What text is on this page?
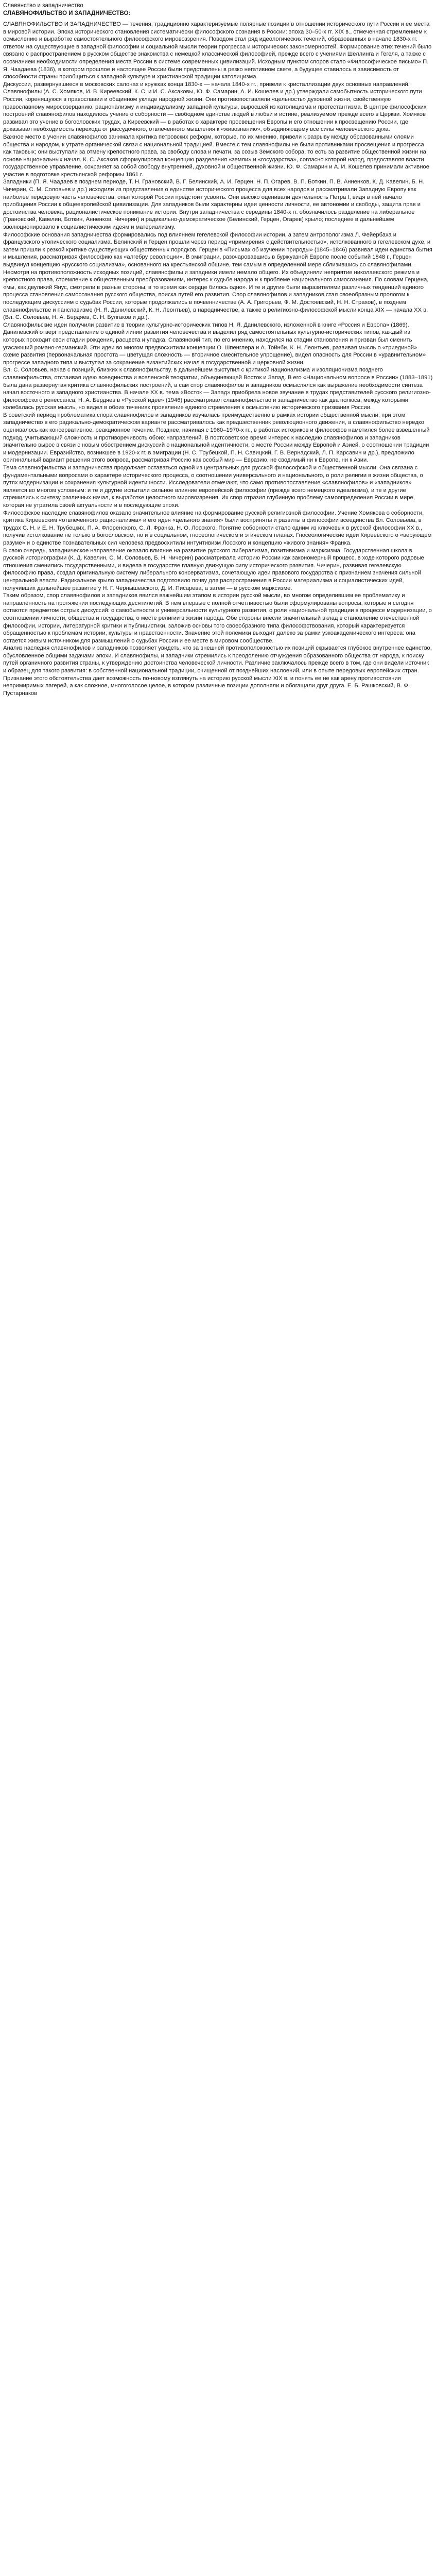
Славянство и западничество
СЛАВЯНОФИЛЬСТВО И ЗАПАДНИЧЕСТВО:

СЛАВЯНОФИЛЬСТВО И ЗАПАДНИЧЕСТВО — течения, традиционно характеризуемые полярные позиции в отношении исторического пути России и ее места в мировой истории. Эпоха исторического становления систематически философского сознания в России: эпоха 30–50-х гг. XIX в., отмеченная стремлением к осмыслению и выработке самостоятельного философского мировоззрения. Поводом стал ряд идеологических течений, образованных в начале 1830-х гг. ответом на существующие в западной философии и социальной мысли теории прогресса и исторических закономерностей. Формирование этих течений было связано с распространением в русском обществе знакомства с немецкой классической философией, прежде всего с учениями Шеллинга и Гегеля, а также с осознанием необходимости определения места России в системе современных цивилизаций. Исходным пунктом споров стало «Философическое письмо» П. Я. Чаадаева (1836), в котором прошлое и настоящее России были представлены в резко негативном свете, а будущее ставилось в зависимость от способности страны приобщиться к западной культуре и христианской традиции католицизма.

Дискуссии, развернувшиеся в московских салонах и кружках конца 1830-х — начала 1840-х гг., привели к кристаллизации двух основных направлений. Славянофилы (А. С. Хомяков, И. В. Киреевский, К. С. и И. С. Аксаковы, Ю. Ф. Самарин, А. И. Кошелев и др.) утверждали самобытность исторического пути России, коренящуюся в православии и общинном укладе народной жизни. Они противопоставляли «цельность» духовной жизни, свойственную православному миросозерцанию, рационализму и индивидуализму западной культуры, выросшей из католицизма и протестантизма. В центре философских построений славянофилов находилось учение о соборности — свободном единстве людей в любви и истине, реализуемом прежде всего в Церкви. Хомяков развивал это учение в богословских трудах, а Киреевский — в работах о характере просвещения Европы и его отношении к просвещению России, где доказывал необходимость перехода от рассудочного, отвлеченного мышления к «живознанию», объединяющему все силы человеческого духа.

Важное место в учении славянофилов занимала критика петровских реформ, которые, по их мнению, привели к разрыву между образованными слоями общества и народом, к утрате органической связи с национальной традицией. Вместе с тем славянофилы не были противниками просвещения и прогресса как таковых; они выступали за отмену крепостного права, за свободу слова и печати, за созыв Земского собора, то есть за развитие общественной жизни на основе национальных начал. К. С. Аксаков сформулировал концепцию разделения «земли» и «государства», согласно которой народ, предоставляя власти государственное управление, сохраняет за собой свободу внутренней, духовной и общественной жизни. Ю. Ф. Самарин и А. И. Кошелев принимали активное участие в подготовке крестьянской реформы 1861 г.

Западники (П. Я. Чаадаев в позднем периоде, Т. Н. Грановский, В. Г. Белинский, А. И. Герцен, Н. П. Огарев, В. П. Боткин, П. В. Анненков, К. Д. Кавелин, Б. Н. Чичерин, С. М. Соловьев и др.) исходили из представления о единстве исторического процесса для всех народов и рассматривали Западную Европу как наиболее передовую часть человечества, опыт которой России предстоит усвоить. Они высоко оценивали деятельность Петра I, видя в ней начало приобщения России к общеевропейской цивилизации. Для западников были характерны идеи ценности личности, ее автономии и свободы, защита прав и достоинства человека, рационалистическое понимание истории. Внутри западничества с середины 1840-х гг. обозначилось разделение на либеральное (Грановский, Кавелин, Боткин, Анненков, Чичерин) и радикально-демократическое (Белинский, Герцен, Огарев) крыло; последнее в дальнейшем эволюционировало к социалистическим идеям и материализму.

Философские основания западничества формировались под влиянием гегелевской философии истории, а затем антропологизма Л. Фейербаха и французского утопического социализма. Белинский и Герцен прошли через период «примирения с действительностью», истолкованного в гегелевском духе, и затем пришли к резкой критике существующих общественных порядков. Герцен в «Письмах об изучении природы» (1845–1846) развивал идеи единства бытия и мышления, рассматривая философию как «алгебру революции». В эмиграции, разочаровавшись в буржуазной Европе после событий 1848 г., Герцен выдвинул концепцию «русского социализма», основанного на крестьянской общине, тем самым в определенной мере сблизившись со славянофилами.

Несмотря на противоположность исходных позиций, славянофилы и западники имели немало общего. Их объединяли неприятие николаевского режима и крепостного права, стремление к общественным преобразованиям, интерес к судьбе народа и к проблеме национального самосознания. По словам Герцена, «мы, как двуликий Янус, смотрели в разные стороны, в то время как сердце билось одно». И те и другие были выразителями различных тенденций единого процесса становления самосознания русского общества, поиска путей его развития. Спор славянофилов и западников стал своеобразным прологом к последующим дискуссиям о судьбах России, которые продолжались в почвенничестве (А. А. Григорьев, Ф. М. Достоевский, Н. Н. Страхов), в позднем славянофильстве и панславизме (Н. Я. Данилевский, К. Н. Леонтьев), в народничестве, а также в религиозно-философской мысли конца XIX — начала XX в. (Вл. С. Соловьев, Н. А. Бердяев, С. Н. Булгаков и др.).

Славянофильские идеи получили развитие в теории культурно-исторических типов Н. Я. Данилевского, изложенной в книге «Россия и Европа» (1869). Данилевский отверг представление о единой линии развития человечества и выделил ряд самостоятельных культурно-исторических типов, каждый из которых проходит свои стадии рождения, расцвета и упадка. Славянский тип, по его мнению, находился на стадии становления и призван был сменить угасающий романо-германский. Эти идеи во многом предвосхитили концепции О. Шпенглера и А. Тойнби. К. Н. Леонтьев, развивая мысль о «триединой» схеме развития (первоначальная простота — цветущая сложность — вторичное смесительное упрощение), видел опасность для России в «уравнительном» прогрессе западного типа и выступал за сохранение византийских начал в государственной и церковной жизни.

Вл. С. Соловьев, начав с позиций, близких к славянофильству, в дальнейшем выступил с критикой национализма и изоляционизма позднего славянофильства, отстаивая идею всеединства и вселенской теократии, объединяющей Восток и Запад. В его «Национальном вопросе в России» (1883–1891) была дана развернутая критика славянофильских построений, а сам спор славянофилов и западников осмыслялся как выражение необходимости синтеза начал восточного и западного христианства. В начале XX в. тема «Восток — Запад» приобрела новое звучание в трудах представителей русского религиозно-философского ренессанса; Н. А. Бердяев в «Русской идее» (1946) рассматривал славянофильство и западничество как два полюса, между которыми колебалась русская мысль, но видел в обоих течениях проявление единого стремления к осмыслению исторического призвания России.

В советский период проблематика спора славянофилов и западников изучалась преимущественно в рамках истории общественной мысли; при этом западничество в его радикально-демократическом варианте рассматривалось как предшественник революционного движения, а славянофильство нередко оценивалось как консервативное, реакционное течение. Позднее, начиная с 1960–1970-х гг., в работах историков и философов наметился более взвешенный подход, учитывающий сложность и противоречивость обоих направлений. В постсоветское время интерес к наследию славянофилов и западников значительно вырос в связи с новым обострением дискуссий о национальной идентичности, о месте России между Европой и Азией, о соотношении традиции и модернизации. Евразийство, возникшее в 1920-х гг. в эмиграции (Н. С. Трубецкой, П. Н. Савицкий, Г. В. Вернадский, Л. П. Карсавин и др.), предложило оригинальный вариант решения этого вопроса, рассматривая Россию как особый мир — Евразию, не сводимый ни к Европе, ни к Азии.

Тема славянофильства и западничества продолжает оставаться одной из центральных для русской философской и общественной мысли. Она связана с фундаментальными вопросами о характере исторического процесса, о соотношении универсального и национального, о роли религии в жизни общества, о путях модернизации и сохранения культурной идентичности. Исследователи отмечают, что само противопоставление «славянофилов» и «западников» является во многом условным: и те и другие испытали сильное влияние европейской философии (прежде всего немецкого идеализма), и те и другие стремились к синтезу различных начал, к выработке целостного мировоззрения. Их спор отразил глубинную проблему самоопределения России в мире, которая не утратила своей актуальности и в последующие эпохи.

Философское наследие славянофилов оказало значительное влияние на формирование русской религиозной философии. Учение Хомякова о соборности, критика Киреевским «отвлеченного рационализма» и его идея «цельного знания» были восприняты и развиты в философии всеединства Вл. Соловьева, в трудах С. Н. и Е. Н. Трубецких, П. А. Флоренского, С. Л. Франка, Н. О. Лосского. Понятие соборности стало одним из ключевых в русской философии XX в., получив истолкование не только в богословском, но и в социальном, гносеологическом и этическом планах. Гносеологические идеи Киреевского о «верующем разуме» и о единстве познавательных сил человека предвосхитили интуитивизм Лосского и концепцию «живого знания» Франка.

В свою очередь, западническое направление оказало влияние на развитие русского либерализма, позитивизма и марксизма. Государственная школа в русской историографии (К. Д. Кавелин, С. М. Соловьев, Б. Н. Чичерин) рассматривала историю России как закономерный процесс, в ходе которого родовые отношения сменились государственными, и видела в государстве главную движущую силу исторического развития. Чичерин, развивая гегелевскую философию права, создал оригинальную систему либерального консерватизма, сочетающую идеи правового государства с признанием значения сильной центральной власти. Радикальное крыло западничества подготовило почву для распространения в России материализма и социалистических идей, получивших дальнейшее развитие у Н. Г. Чернышевского, Д. И. Писарева, а затем — в русском марксизме.

Таким образом, спор славянофилов и западников явился важнейшим этапом в истории русской мысли, во многом определившим ее проблематику и направленность на протяжении последующих десятилетий. В нем впервые с полной отчетливостью были сформулированы вопросы, которые и сегодня остаются предметом острых дискуссий: о самобытности и универсальности культурного развития, о роли национальной традиции в процессе модернизации, о соотношении личности, общества и государства, о месте религии в жизни народа. Обе стороны внесли значительный вклад в становление отечественной философии, истории, литературной критики и публицистики, заложив основы того своеобразного типа философствования, который характеризуется обращенностью к проблемам истории, культуры и нравственности. Значение этой полемики выходит далеко за рамки узкоакадемического интереса: она остается живым источником для размышлений о судьбах России и ее месте в мировом сообществе.

Анализ наследия славянофилов и западников позволяет увидеть, что за внешней противоположностью их позиций скрывается глубокое внутреннее единство, обусловленное общими задачами эпохи. И славянофилы, и западники стремились к преодолению отчуждения образованного общества от народа, к поиску путей органичного развития страны, к утверждению достоинства человеческой личности. Различие заключалось прежде всего в том, где они видели источник и образец для такого развития: в собственной национальной традиции, очищенной от позднейших наслоений, или в опыте передовых европейских стран. Признание этого обстоятельства дает возможность по-новому взглянуть на историю русской мысли XIX в. и понять ее не как арену противостояния непримиримых лагерей, а как сложное, многоголосое целое, в котором различные позиции дополняли и обогащали друг друга. Е. Б. Рашковский, В. Ф. Пустарнаков
